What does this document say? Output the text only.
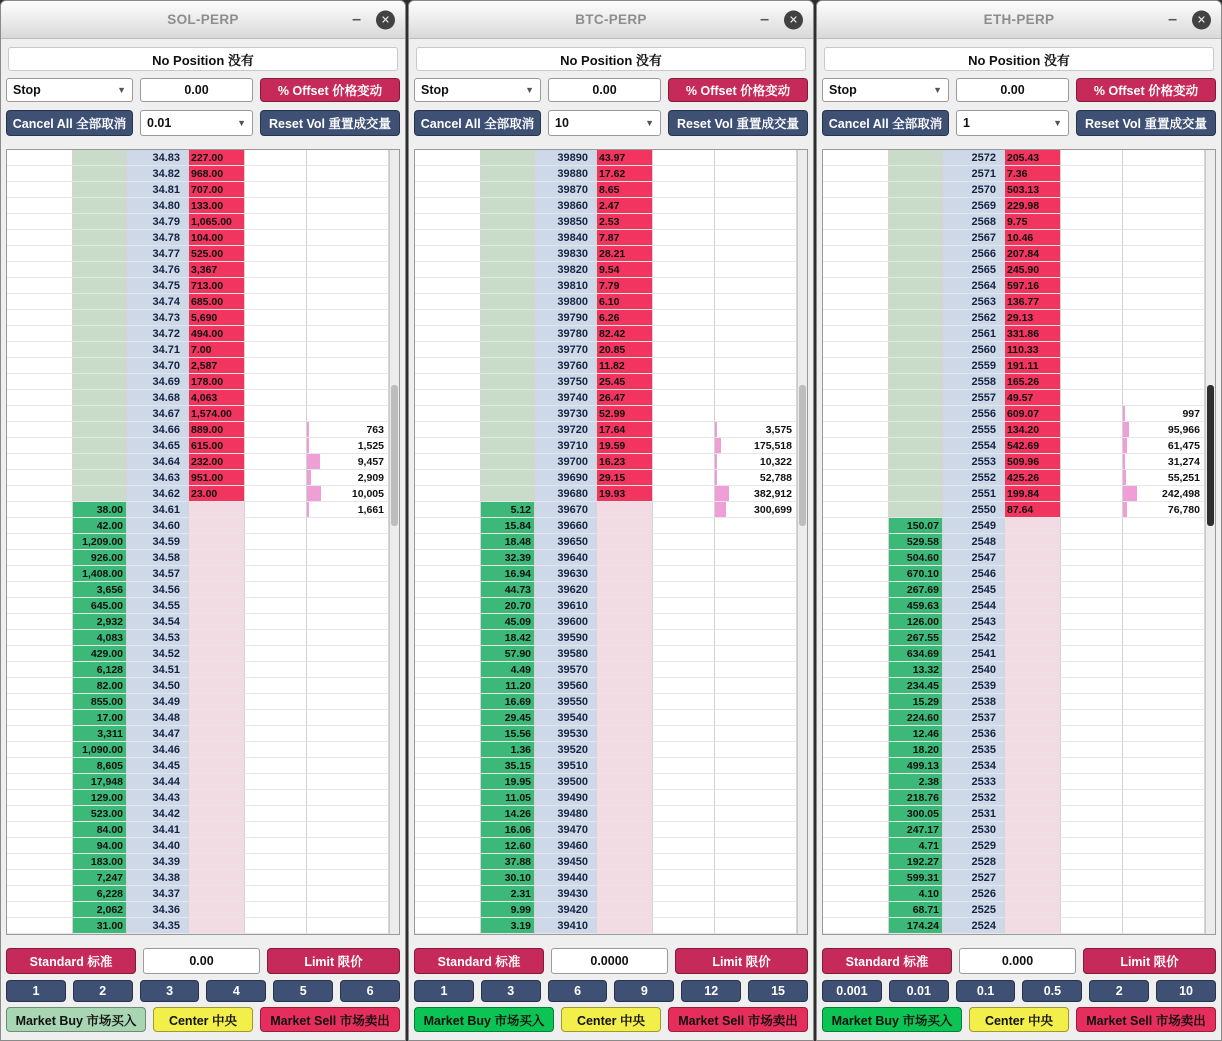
SOL-PERP	– ✕
No Position 没有
Stop	▼
0.00	% Offset 价格变动
Cancel All 全部取消	0.01	▼	Reset Vol 重置成交量
34.83	227.00
34.82	968.00
34.81	707.00
34.80	133.00
34.79	1,065.00
34.78	104.00
34.77	525.00
34.76	3,367
34.75	713.00
34.74	685.00
34.73	5,690
34.72	494.00
34.71	7.00
34.70	2,587
34.69	178.00
34.68	4,063
34.67	1,574.00
34.66	889.00	763
34.65	615.00	1,525
34.64	232.00	9,457
34.63	951.00	2,909
34.62	23.00	10,005
38.00	34.61	1,661
42.00	34.60
1,209.00	34.59
926.00	34.58
1,408.00	34.57
3,656	34.56
645.00	34.55
2,932	34.54
4,083	34.53
429.00	34.52
6,128	34.51
82.00	34.50
855.00	34.49
17.00	34.48
3,311	34.47
1,090.00	34.46
8,605	34.45
17,948	34.44
129.00	34.43
523.00	34.42
84.00	34.41
94.00	34.40
183.00	34.39
7,247	34.38
6,228	34.37
2,062	34.36
31.00	34.35
Standard 标准
0.00	Limit 限价
1	2	3	4	5	6
Market Buy 市场买入	Center 中央	Market Sell 市场卖出
BTC-PERP	– ✕
No Position 没有
Stop	▼
0.00	% Offset 价格变动
Cancel All 全部取消	10	▼	Reset Vol 重置成交量
39890	43.97
39880	17.62
39870	8.65
39860	2.47
39850	2.53
39840	7.87
39830	28.21
39820	9.54
39810	7.79
39800	6.10
39790	6.26
39780	82.42
39770	20.85
39760	11.82
39750	25.45
39740	26.47
39730	52.99
39720	17.64	3,575
39710	19.59	175,518
39700	16.23	10,322
39690	29.15	52,788
39680	19.93	382,912
5.12	39670	300,699
15.84	39660
18.48	39650
32.39	39640
16.94	39630
44.73	39620
20.70	39610
45.09	39600
18.42	39590
57.90	39580
4.49	39570
11.20	39560
16.69	39550
29.45	39540
15.56	39530
1.36	39520
35.15	39510
19.95	39500
11.05	39490
14.26	39480
16.06	39470
12.60	39460
37.88	39450
30.10	39440
2.31	39430
9.99	39420
3.19	39410
Standard 标准
0.0000	Limit 限价
1	3	6	9	12	15
Market Buy 市场买入	Center 中央	Market Sell 市场卖出
ETH-PERP	– ✕
No Position 没有
Stop	▼
0.00	% Offset 价格变动
Cancel All 全部取消	1	▼	Reset Vol 重置成交量
2572	205.43
2571	7.36
2570	503.13
2569	229.98
2568	9.75
2567	10.46
2566	207.84
2565	245.90
2564	597.16
2563	136.77
2562	29.13
2561	331.86
2560	110.33
2559	191.11
2558	165.26
2557	49.57
2556	609.07	997
2555	134.20	95,966
2554	542.69	61,475
2553	509.96	31,274
2552	425.26	55,251
2551	199.84	242,498
2550	87.64	76,780
150.07	2549
529.58	2548
504.60	2547
670.10	2546
267.69	2545
459.63	2544
126.00	2543
267.55	2542
634.69	2541
13.32	2540
234.45	2539
15.29	2538
224.60	2537
12.46	2536
18.20	2535
499.13	2534
2.38	2533
218.76	2532
300.05	2531
247.17	2530
4.71	2529
192.27	2528
599.31	2527
4.10	2526
68.71	2525
174.24	2524
Standard 标准
0.000	Limit 限价
0.001	0.01	0.1	0.5	2	10
Market Buy 市场买入	Center 中央	Market Sell 市场卖出
